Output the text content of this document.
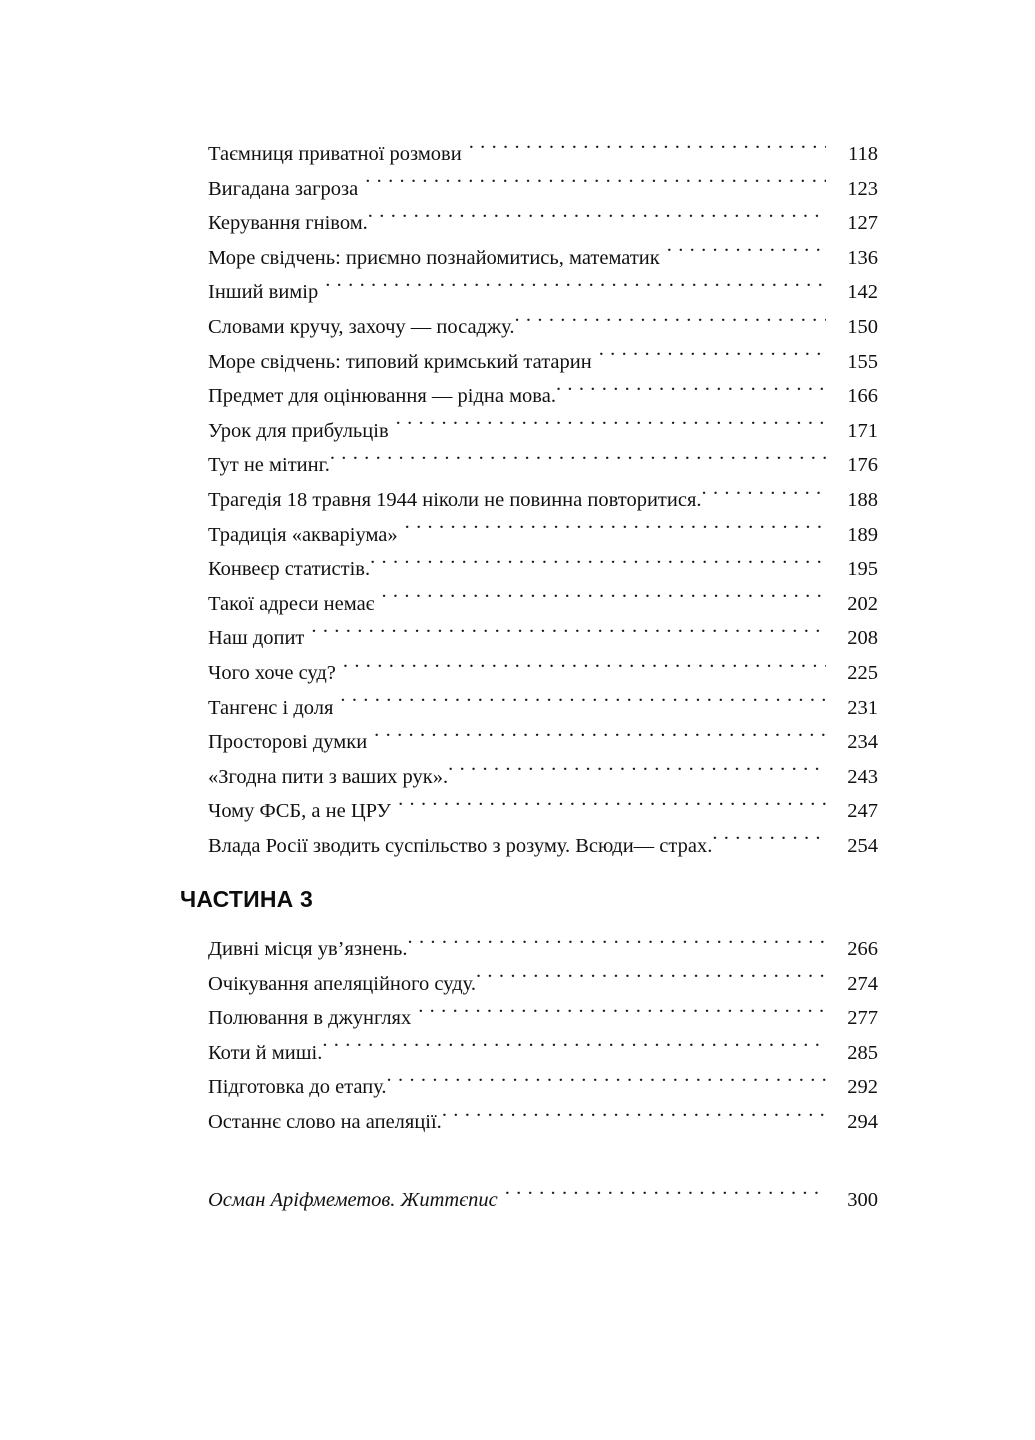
Таємниця приватної розмови . . .	118
Вигадана загроза . . .	123
Керування гнівом. . . .	127
Море свідчень: приємно познайомитись, математик . . .	136
Інший вимір . . .	142
Словами кручу, захочу — посаджу. . . .	150
Море свідчень: типовий кримський татарин . . .	155
Предмет для оцінювання — рідна мова. . . .	166
Урок для прибульців . . .	171
Тут не мітинг. . . .	176
Трагедія 18 травня 1944 ніколи не повинна повторитися. . . .	188
Традиція «акваріума» . . .	189
Конвеєр статистів. . . .	195
Такої адреси немає . . .	202
Наш допит . . .	208
Чого хоче суд? . . .	225
Тангенс і доля . . .	231
Просторові думки . . .	234
«Згодна пити з ваших рук». . . .	243
Чому ФСБ, а не ЦРУ . . .	247
Влада Росії зводить суспільство з розуму. Всюди— страх. . . .	254
ЧАСТИНА 3
Дивні місця ув’язнень. . . .	266
Очікування апеляційного суду. . . .	274
Полювання в джунглях . . .	277
Коти й миші. . . .	285
Підготовка до етапу. . . .	292
Останнє слово на апеляції. . . .	294
Осман Аріфмеметов. Життєпис . . .	300
